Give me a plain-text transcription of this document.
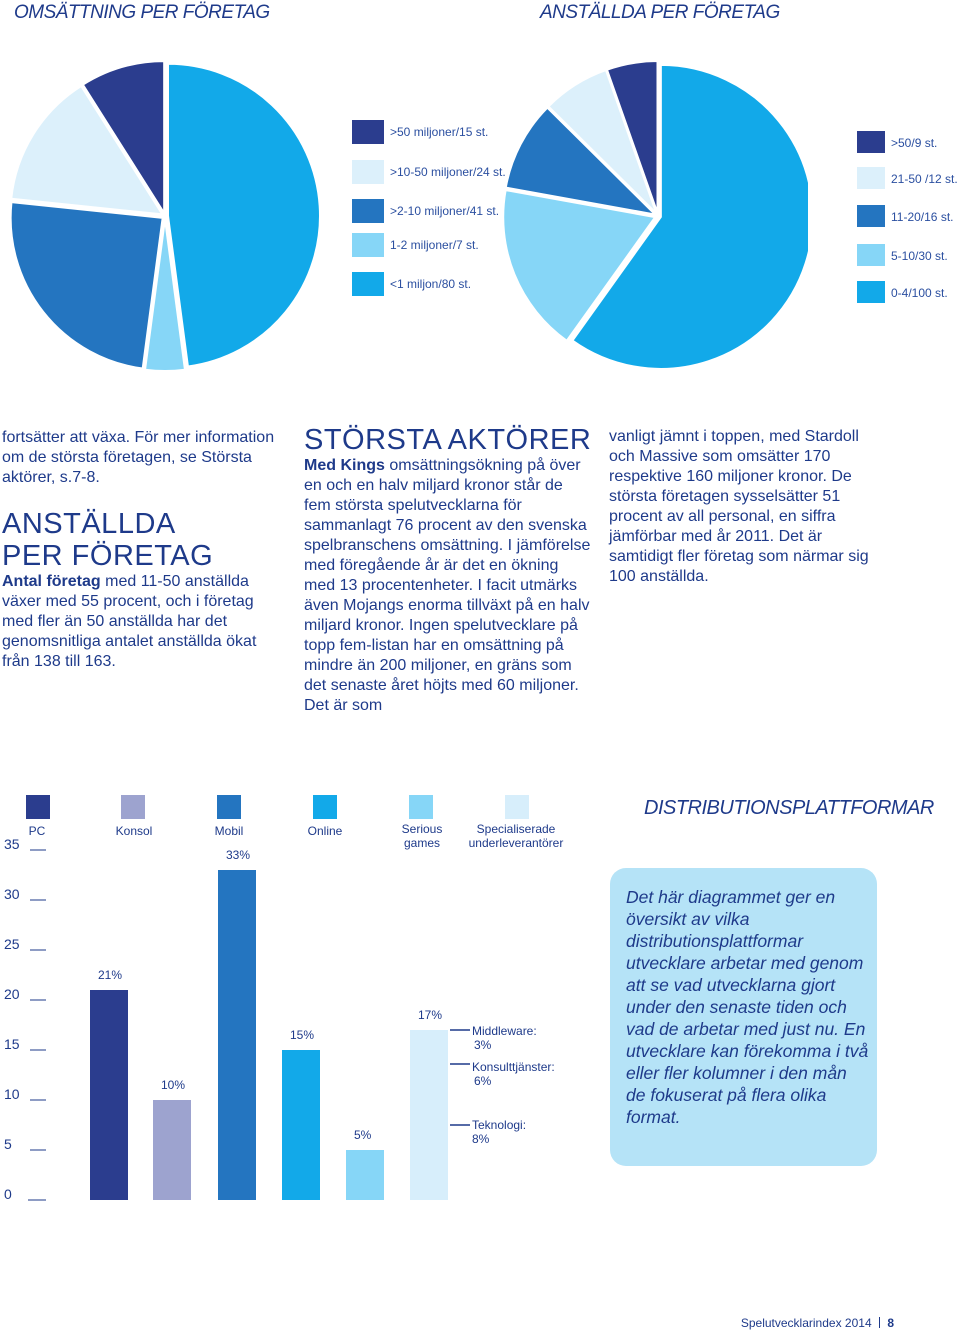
OMSÄTTNING PER FÖRETAG	ANSTÄLLDA PER FÖRETAG
>50 miljoner/15 st.
>10-50 miljoner/24 st.
>2-10 miljoner/41 st.
1-2 miljoner/7 st.
<1 miljon/80 st.
>50/9 st.
21-50 /12 st.
11-20/16 st.
5-10/30 st.
0-4/100 st.
fortsätter att växa. För mer information om de största företagen, se Största aktörer, s.7-8.
ANSTÄLLDA
PER FÖRETAG
Antal företag med 11-50 anställda växer med 55 procent, och i företag med fler än 50 anställda har det genomsnitliga antalet anställda ökat från 138 till 163.
STÖRSTA AKTÖRER
Med Kings omsättningsökning på över en och en halv miljard kronor står de fem största spelutvecklarna för sammanlagt 76 procent av den svenska spelbranschens omsättning. I jämförelse med föregående år är det en ökning med 13 procentenheter. I facit utmärks även Mojangs enorma tillväxt på en halv miljard kronor. Ingen spelutvecklare på topp fem-listan har en omsättning på mindre än 200 miljoner, en gräns som det senaste året höjts med 60 miljoner. Det är som
vanligt jämnt i toppen, med Stardoll och Massive som omsätter 170 respektive 160 miljoner kronor. De största företagen sysselsätter 51 procent av all personal, en siffra jämförbar med år 2011. Det är samtidigt fler företag som närmar sig 100 anställda.
DISTRIBUTIONSPLATTFORMAR
0
5
10
15
20
25
30
35
21%
10%
33%
15%
5%
17%
PC	Konsol	Mobil	Online	Serious games
Specialiserade underleverantörer
Middleware:
3%
Konsulttjänster:
6%
Teknologi:
8%
Det här diagrammet ger en översikt av vilka distributionsplattformar utvecklare arbetar med genom att se vad utvecklarna gjort under den senaste tiden och vad de arbetar med just nu. En utvecklare kan förekomma i två eller fler kolumner i den mån de fokuserat på flera olika format.
Spelutvecklarindex 2014 8
